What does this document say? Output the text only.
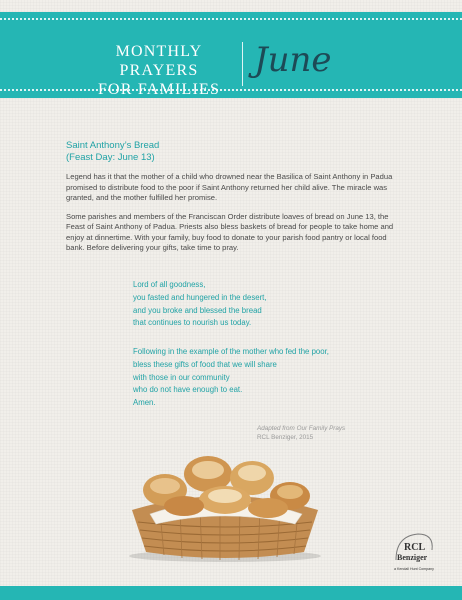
MONTHLY PRAYERS
FOR FAMILIES
June
Saint Anthony’s Bread
(Feast Day: June 13)

Legend has it that the mother of a child who drowned near the Basilica of Saint Anthony in Padua promised to distribute food to the poor if Saint Anthony returned her child alive. The miracle was granted, and the mother fulfilled her promise.

Some parishes and members of the Franciscan Order distribute loaves of bread on June 13, the Feast of Saint Anthony of Padua. Priests also bless baskets of bread for people to take home and enjoy at dinnertime. With your family, buy food to donate to your parish food pantry or local food bank. Before delivering your gifts, take time to pray.

Lord of all goodness,
you fasted and hungered in the desert,
and you broke and blessed the bread
that continues to nourish us today.
Following in the example of the mother who fed the poor,
bless these gifts of food that we will share
with those in our community
who do not have enough to eat.
Amen.
Adapted from Our Family Prays
RCL Benziger, 2015
RCL
Benziger
a Kendall Hunt Company
